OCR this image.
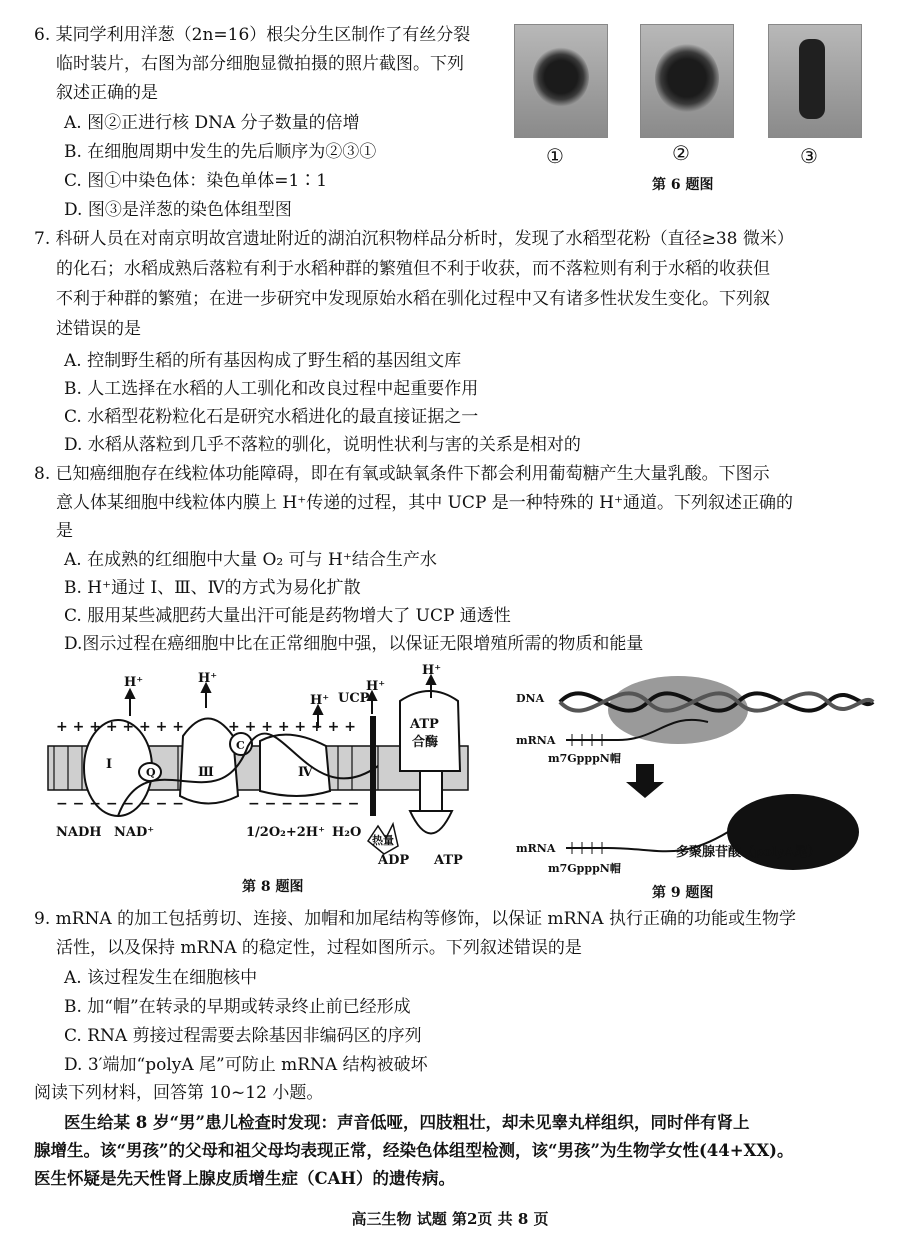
6. 某同学利用洋葱（2n=16）根尖分生区制作了有丝分裂
临时装片，右图为部分细胞显微拍摄的照片截图。下列
叙述正确的是
A. 图②正进行核 DNA 分子数量的倍增
B. 在细胞周期中发生的先后顺序为②③①
C. 图①中染色体：染色单体=1∶1
D. 图③是洋葱的染色体组型图
①	②	③
第 6 题图
7. 科研人员在对南京明故宫遗址附近的湖泊沉积物样品分析时，发现了水稻型花粉（直径≥38 微米）
的化石；水稻成熟后落粒有利于水稻种群的繁殖但不利于收获，而不落粒则有利于水稻的收获但
不利于种群的繁殖；在进一步研究中发现原始水稻在驯化过程中又有诸多性状发生变化。下列叙
述错误的是
A. 控制野生稻的所有基因构成了野生稻的基因组文库
B. 人工选择在水稻的人工驯化和改良过程中起重要作用
C. 水稻型花粉粒化石是研究水稻进化的最直接证据之一
D. 水稻从落粒到几乎不落粒的驯化，说明性状利与害的关系是相对的
8. 已知癌细胞存在线粒体功能障碍，即在有氧或缺氧条件下都会利用葡萄糖产生大量乳酸。下图示
意人体某细胞中线粒体内膜上 H⁺传递的过程，其中 UCP 是一种特殊的 H⁺通道。下列叙述正确的
是
A. 在成熟的红细胞中大量 O₂ 可与 H⁺结合生产水
B. H⁺通过 Ⅰ、Ⅲ、Ⅳ的方式为易化扩散
C. 服用某些减肥药大量出汗可能是药物增大了 UCP 通透性
D.图示过程在癌细胞中比在正常细胞中强，以保证无限增殖所需的物质和能量
+ + + + + + + +	+ + + + + + + +
− − − − − − − −	− − − − − − −
H⁺	H⁺
H⁺
H⁺
H⁺
Ⅰ
Q	Ⅲ
C
Ⅳ
UCP
ATP
合酶
NADH NAD⁺	1/2O₂+2H⁺ H₂O
热量
ADP ATP
第 8 题图
DNA
mRNA
m7GpppN帽
mRNA
m7GpppN帽
多聚腺苷酸（polyA尾）
第 9 题图
9. mRNA 的加工包括剪切、连接、加帽和加尾结构等修饰，以保证 mRNA 执行正确的功能或生物学
活性，以及保持 mRNA 的稳定性，过程如图所示。下列叙述错误的是
A. 该过程发生在细胞核中
B. 加“帽”在转录的早期或转录终止前已经形成
C. RNA 剪接过程需要去除基因非编码区的序列
D. 3′端加“polyA 尾”可防止 mRNA 结构被破坏
阅读下列材料，回答第 10~12 小题。
医生给某 8 岁“男”患儿检查时发现：声音低哑，四肢粗壮，却未见睾丸样组织，同时伴有肾上
腺增生。该“男孩”的父母和祖父母均表现正常，经染色体组型检测，该“男孩”为生物学女性(44+XX)。
医生怀疑是先天性肾上腺皮质增生症（CAH）的遗传病。
高三生物 试题 第2页 共 8 页
